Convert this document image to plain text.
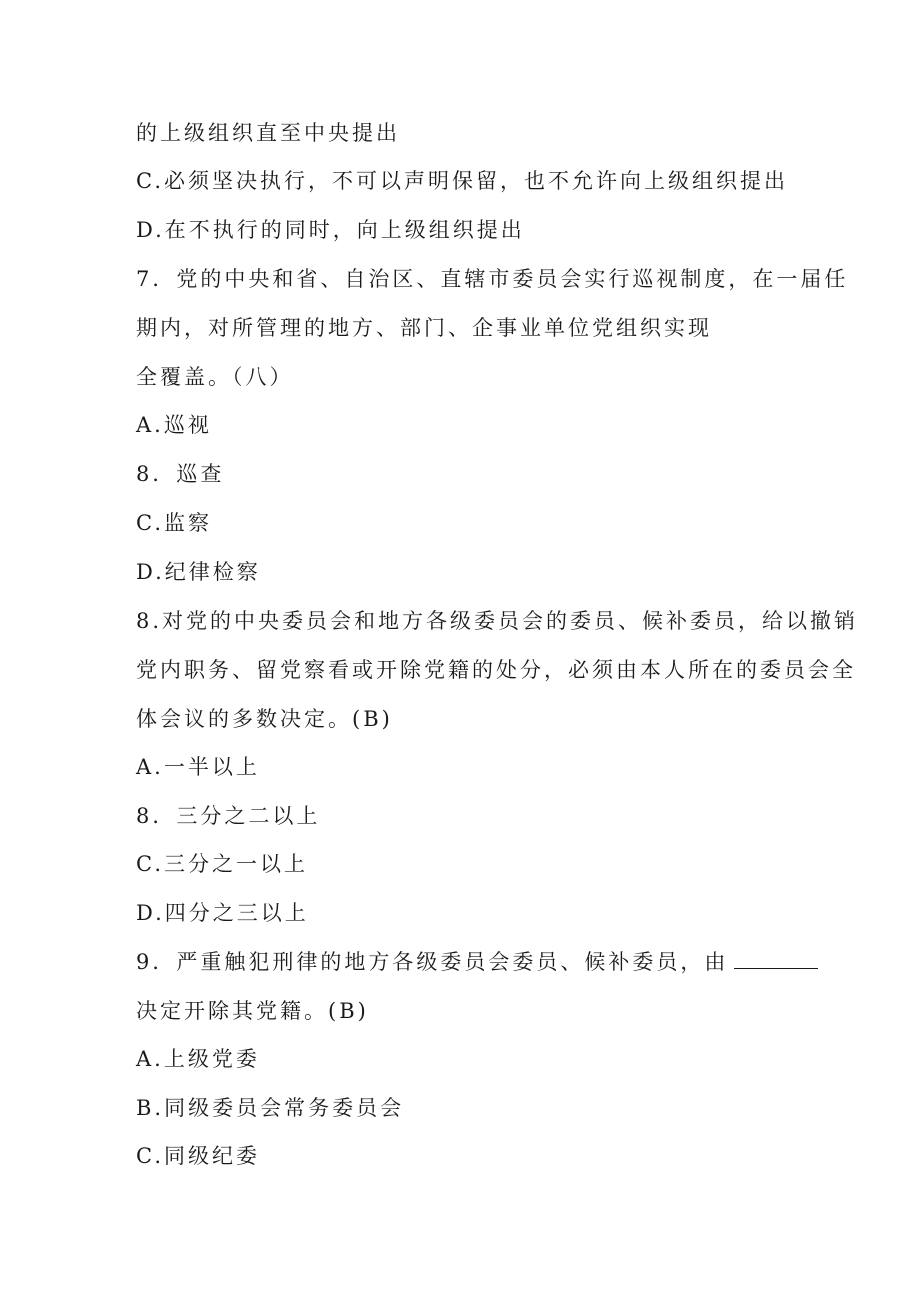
的上级组织直至中央提出
C.必须坚决执行，不可以声明保留，也不允许向上级组织提出
D.在不执行的同时，向上级组织提出
7．党的中央和省、自治区、直辖市委员会实行巡视制度，在一届任
期内，对所管理的地方、部门、企事业单位党组织实现
全覆盖。（八）
A.巡视
8．巡查
C.监察
D.纪律检察
8.对党的中央委员会和地方各级委员会的委员、候补委员，给以撤销
党内职务、留党察看或开除党籍的处分，必须由本人所在的委员会全
体会议的多数决定。(B)
A.一半以上
8．三分之二以上
C.三分之一以上
D.四分之三以上
9．严重触犯刑律的地方各级委员会委员、候补委员，由
决定开除其党籍。(B)
A.上级党委
B.同级委员会常务委员会
C.同级纪委
